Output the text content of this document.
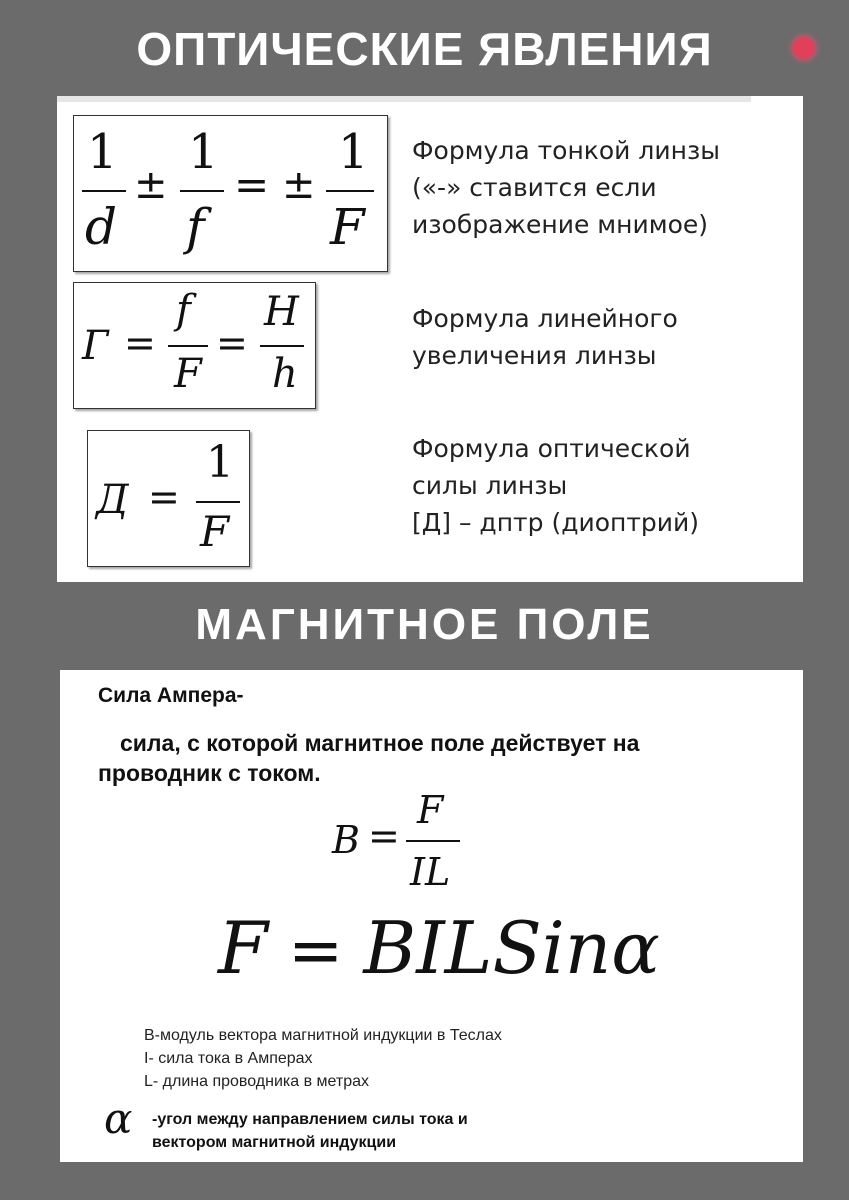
ОПТИЧЕСКИЕ ЯВЛЕНИЯ
1
d
±
1
f
= ±
1
F
Формула тонкой линзы
(«-» ставится если
изображение мнимое)
Г =
f
F
=
H
h
Формула линейного
увеличения линзы
Д =
1
F
Формула оптической
силы линзы
[Д] – дптр (диоптрий)
МАГНИТНОЕ ПОЛЕ
Сила Ампера-
сила, с которой магнитное поле действует на
проводник с током.
B =
F
IL
F = BILSinα
В-модуль вектора магнитной индукции в Теслах
I- сила тока в Амперах
L- длина проводника в метрах
α -угол между направлением силы тока и
вектором магнитной индукции
